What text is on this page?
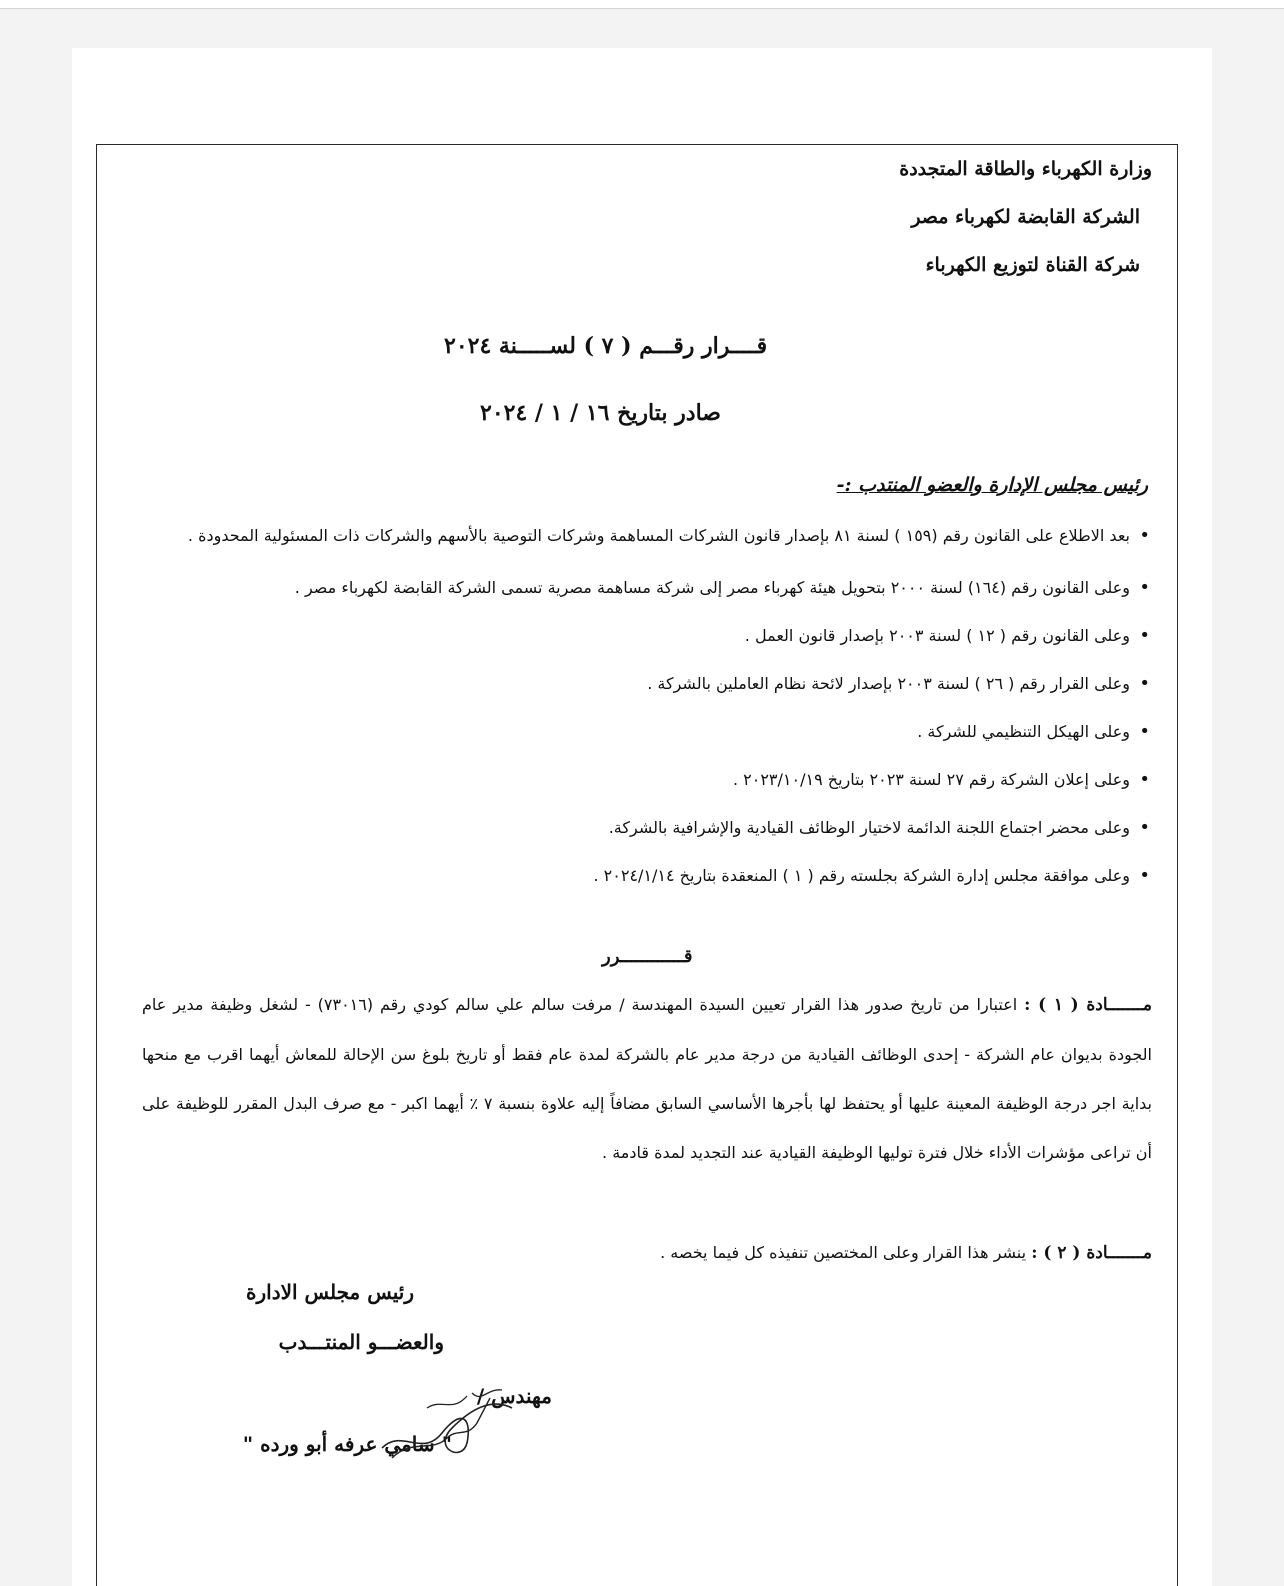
وزارة الكهرباء والطاقة المتجددة
الشركة القابضة لكهرباء مصر
شركة القناة لتوزيع الكهرباء
قــــرار رقـــم ( ٧ ) لســـــنة ٢٠٢٤
صادر بتاريخ ١٦ / ١ / ٢٠٢٤
رئيس مجلس الإدارة والعضو المنتدب :-
• بعد الاطلاع على القانون رقم (١٥٩ ) لسنة ٨١ بإصدار قانون الشركات المساهمة وشركات التوصية بالأسهم والشركات ذات المسئولية المحدودة .
• وعلى القانون رقم (١٦٤) لسنة ٢٠٠٠ بتحويل هيئة كهرباء مصر إلى شركة مساهمة مصرية تسمى الشركة القابضة لكهرباء مصر .
• وعلى القانون رقم ( ١٢ ) لسنة ٢٠٠٣ بإصدار قانون العمل .
• وعلى القرار رقم ( ٢٦ ) لسنة ٢٠٠٣ بإصدار لائحة نظام العاملين بالشركة .
• وعلى الهيكل التنظيمي للشركة .
• وعلى إعلان الشركة رقم ٢٧ لسنة ٢٠٢٣ بتاريخ ٢٠٢٣/١٠/١٩ .
• وعلى محضر اجتماع اللجنة الدائمة لاختيار الوظائف القيادية والإشرافية بالشركة.
• وعلى موافقة مجلس إدارة الشركة بجلسته رقم ( ١ ) المنعقدة بتاريخ ٢٠٢٤/١/١٤ .
قــــــــــــرر
مـــــــادة ( ١ ) : اعتبارا من تاريخ صدور هذا القرار تعيين السيدة المهندسة / مرفت سالم علي سالم كودي رقم (٧٣٠١٦) - لشغل وظيفة مدير عام الجودة بديوان عام الشركة - إحدى الوظائف القيادية من درجة مدير عام بالشركة لمدة عام فقط أو تاريخ بلوغ سن الإحالة للمعاش أيهما اقرب مع منحها بداية اجر درجة الوظيفة المعينة عليها أو يحتفظ لها بأجرها الأساسي السابق مضافاً إليه علاوة بنسبة ٧ ٪ أيهما اكبر - مع صرف البدل المقرر للوظيفة على أن تراعى مؤشرات الأداء خلال فترة توليها الوظيفة القيادية عند التجديد لمدة قادمة .
مـــــــادة ( ٢ ) : ينشر هذا القرار وعلى المختصين تنفيذه كل فيما يخصه .
رئيس مجلس الادارة
والعضـــو المنتـــدب
مهندس /
" سامي عرفه أبو ورده "
